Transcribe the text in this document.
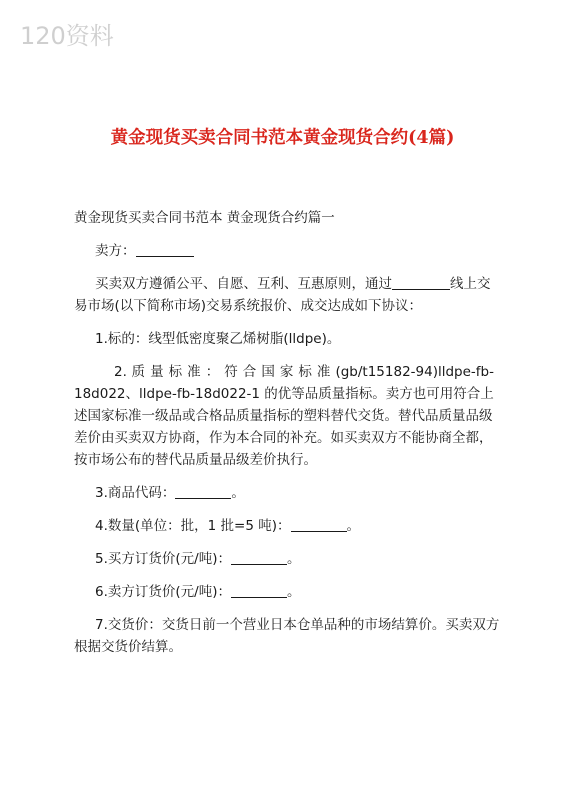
120资料
黄金现货买卖合同书范本黄金现货合约(4篇)
黄金现货买卖合同书范本 黄金现货合约篇一
卖方：
买卖双方遵循公平、自愿、互利、互惠原则，通过	线上交
易市场(以下简称市场)交易系统报价、成交达成如下协议：
1.标的：线型低密度聚乙烯树脂(lldpe)。
2. 质 量 标 准 ： 符 合 国 家 标 准 (gb/t15182-94)lldpe-fb-
18d022、lldpe-fb-18d022-1 的优等品质量指标。卖方也可用符合上
述国家标准一级品或合格品质量指标的塑料替代交货。替代品质量品级
差价由买卖双方协商，作为本合同的补充。如买卖双方不能协商全都，
按市场公布的替代品质量品级差价执行。
3.商品代码：	。
4.数量(单位：批，1 批=5 吨)：	。
5.买方订货价(元/吨)：	。
6.卖方订货价(元/吨)：	。
7.交货价：交货日前一个营业日本仓单品种的市场结算价。买卖双方
根据交货价结算。
